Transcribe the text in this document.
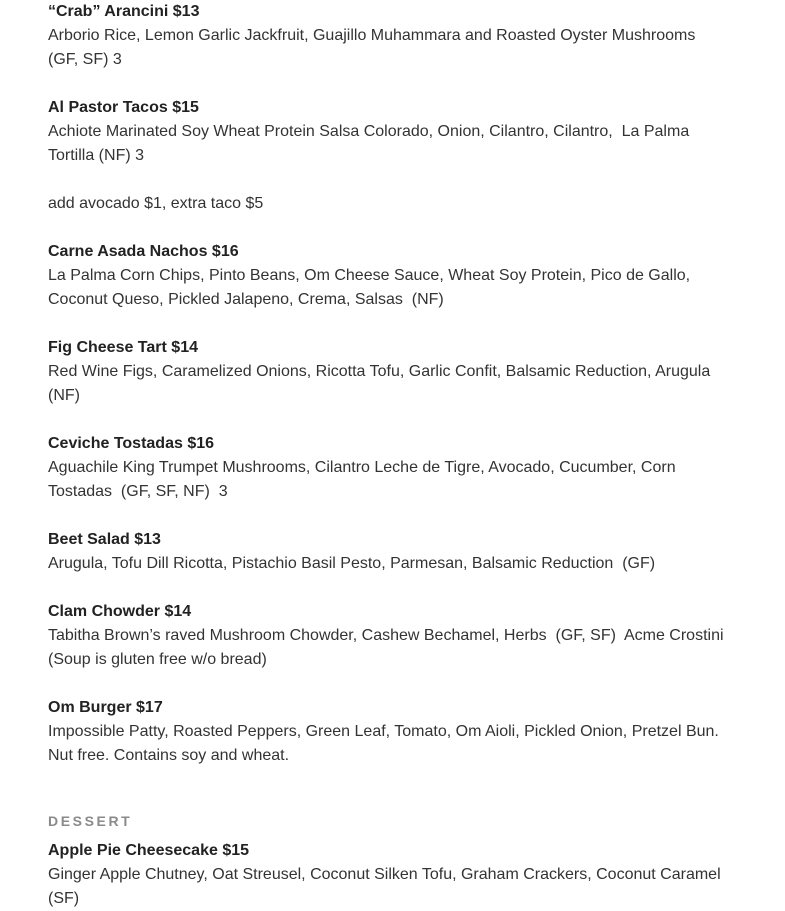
“Crab” Arancini $13

Arborio Rice, Lemon Garlic Jackfruit, Guajillo Muhammara and Roasted Oyster Mushrooms
(GF, SF) 3

Al Pastor Tacos $15

Achiote Marinated Soy Wheat Protein Salsa Colorado, Onion, Cilantro, Cilantro,  La Palma
Tortilla (NF) 3

add avocado $1, extra taco $5

Carne Asada Nachos $16

La Palma Corn Chips, Pinto Beans, Om Cheese Sauce, Wheat Soy Protein, Pico de Gallo,
Coconut Queso, Pickled Jalapeno, Crema, Salsas  (NF)

Fig Cheese Tart $14

Red Wine Figs, Caramelized Onions, Ricotta Tofu, Garlic Confit, Balsamic Reduction, Arugula
(NF)

Ceviche Tostadas $16

Aguachile King Trumpet Mushrooms, Cilantro Leche de Tigre, Avocado, Cucumber, Corn
Tostadas  (GF, SF, NF)  3

Beet Salad $13

Arugula, Tofu Dill Ricotta, Pistachio Basil Pesto, Parmesan, Balsamic Reduction  (GF)

Clam Chowder $14

Tabitha Brown’s raved Mushroom Chowder, Cashew Bechamel, Herbs  (GF, SF)  Acme Crostini
(Soup is gluten free w/o bread)

Om Burger $17

Impossible Patty, Roasted Peppers, Green Leaf, Tomato, Om Aioli, Pickled Onion, Pretzel Bun.
Nut free. Contains soy and wheat.

DESSERT

Apple Pie Cheesecake $15

Ginger Apple Chutney, Oat Streusel, Coconut Silken Tofu, Graham Crackers, Coconut Caramel
(SF)
